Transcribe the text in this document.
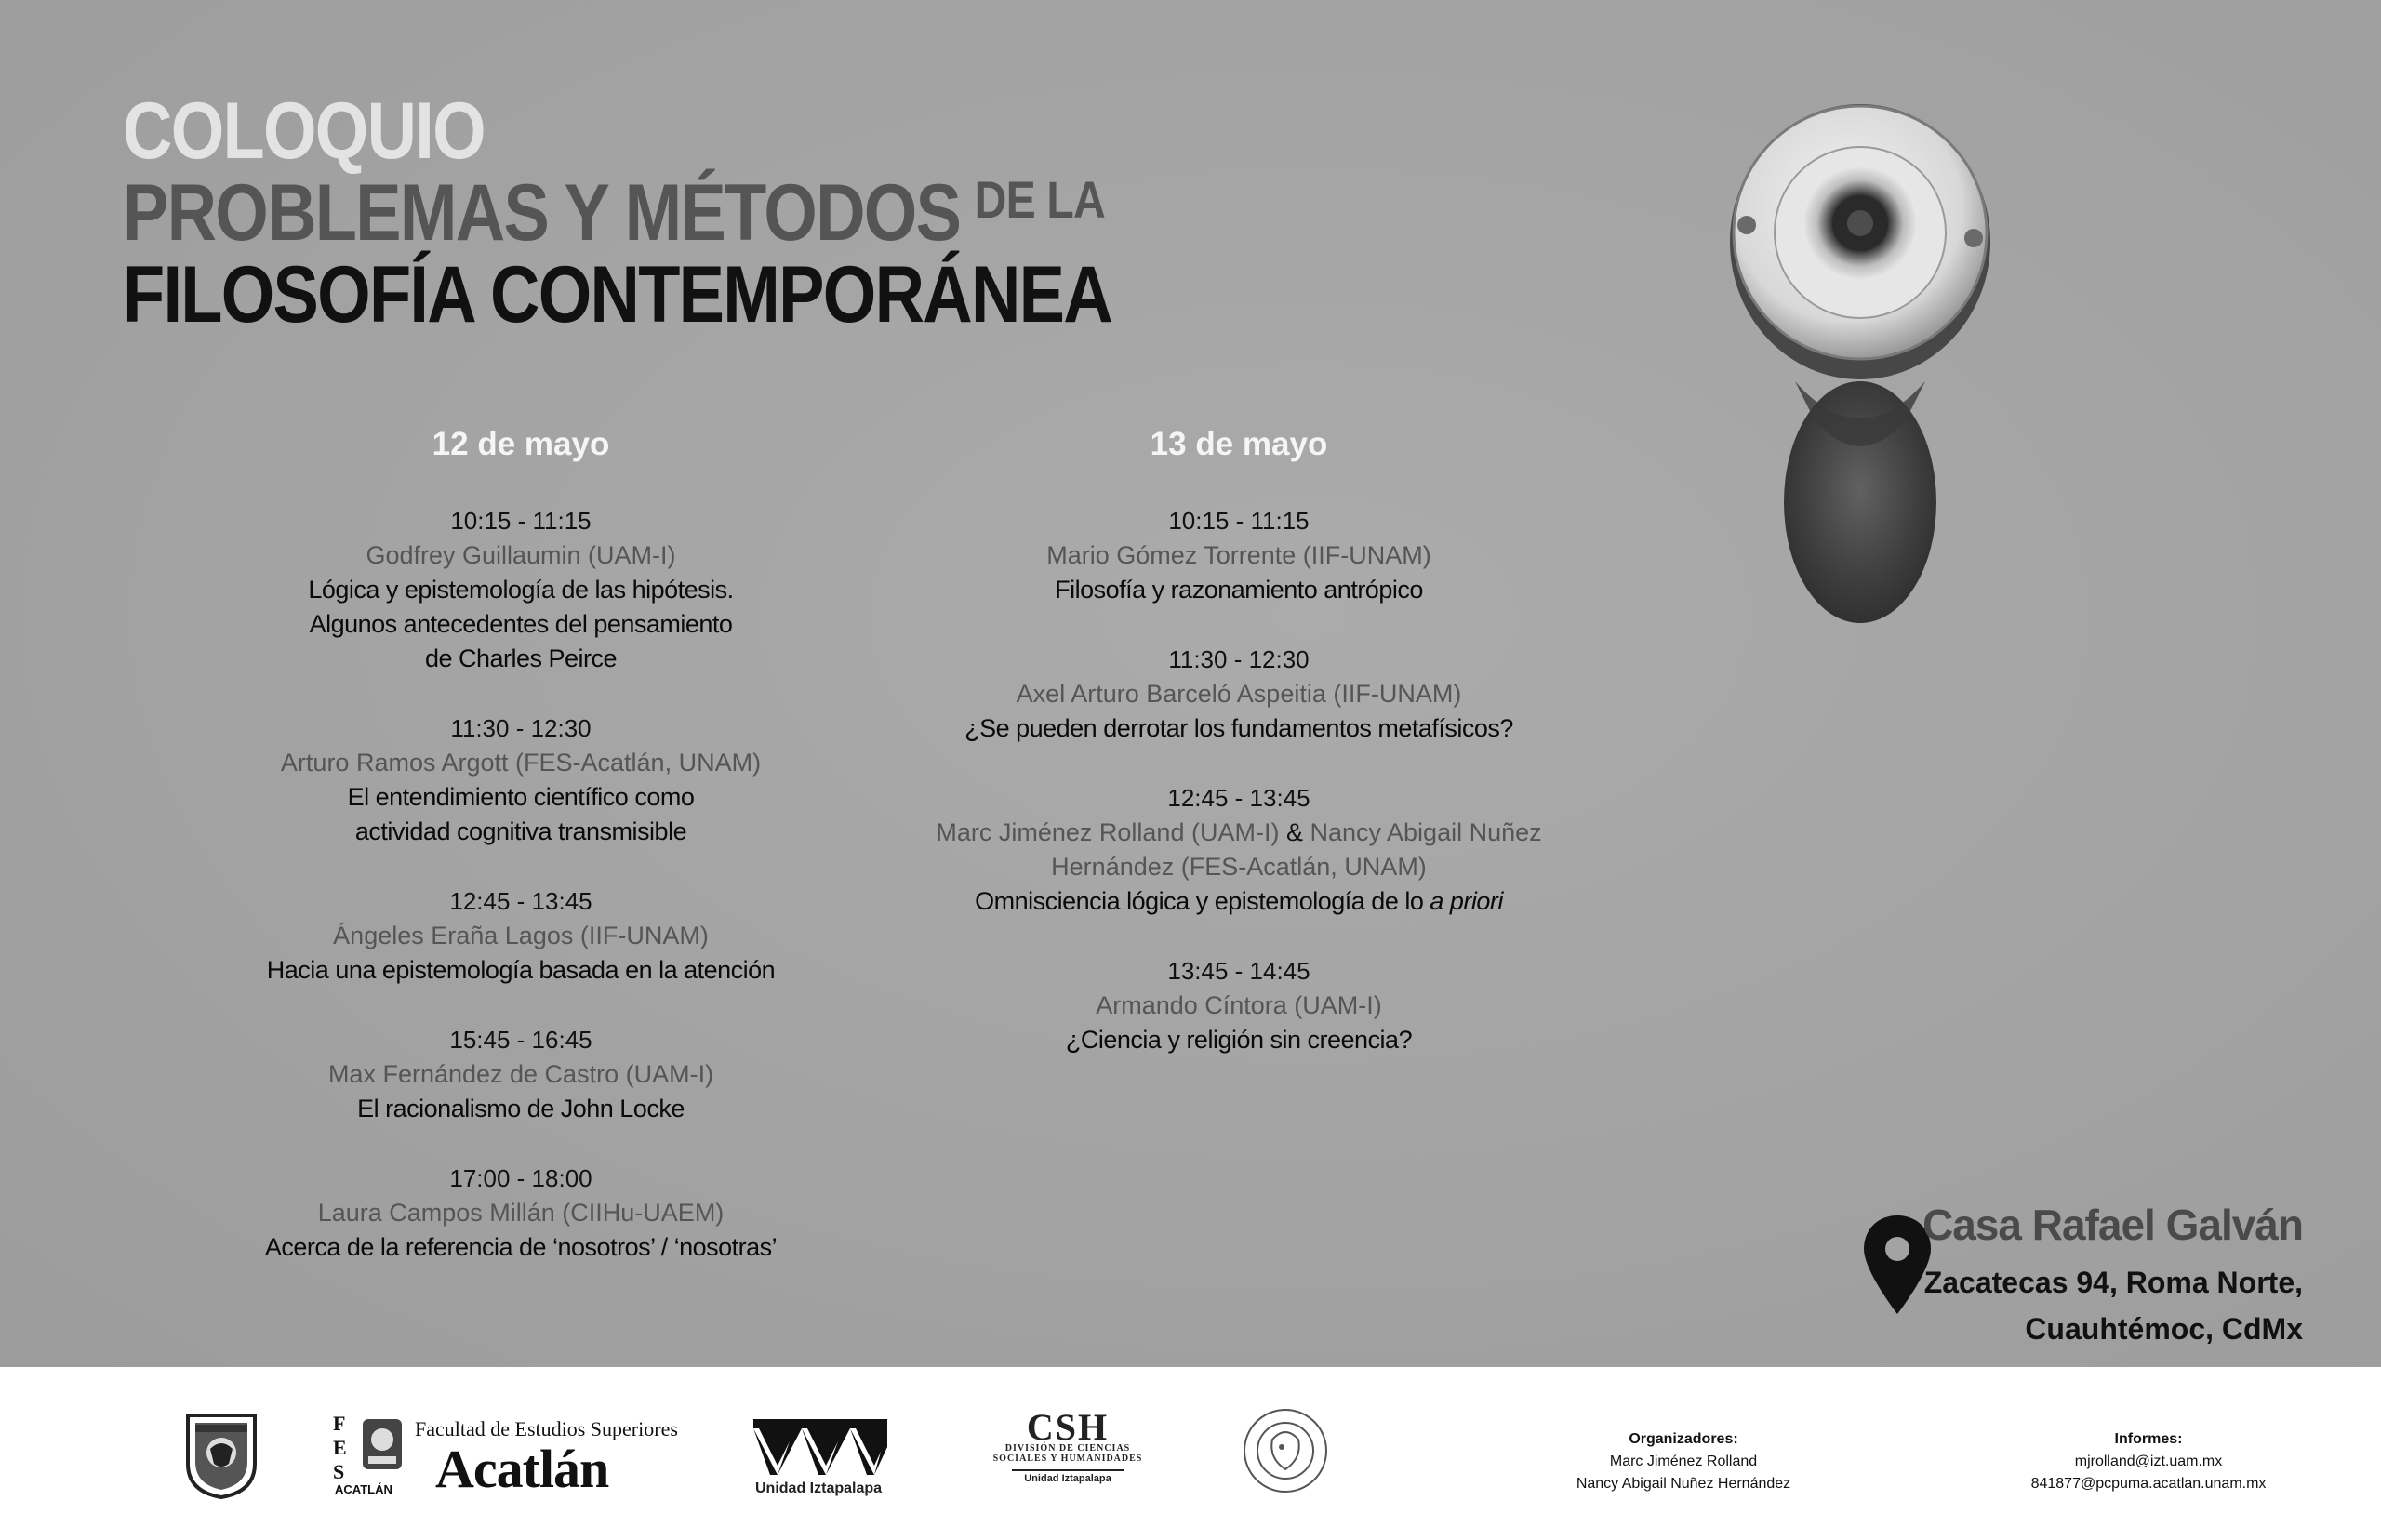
COLOQUIO
PROBLEMAS Y MÉTODOS $^{DE LA}$
FILOSOFÍA CONTEMPORÁNEA
12 de mayo
10:15 - 11:15
Godfrey Guillaumin (UAM-I)
Lógica y epistemología de las hipótesis.
Algunos antecedentes del pensamiento
de Charles Peirce
11:30 - 12:30
Arturo Ramos Argott (FES-Acatlán, UNAM)
El entendimiento científico como
actividad cognitiva transmisible
12:45 - 13:45
Ángeles Eraña Lagos (IIF-UNAM)
Hacia una epistemología basada en la atención
15:45 - 16:45
Max Fernández de Castro (UAM-I)
El racionalismo de John Locke
17:00 - 18:00
Laura Campos Millán (CIIHu-UAEM)
Acerca de la referencia de ‘nosotros’ / ‘nosotras’
13 de mayo
10:15 - 11:15
Mario Gómez Torrente (IIF-UNAM)
Filosofía y razonamiento antrópico
11:30 - 12:30
Axel Arturo Barceló Aspeitia (IIF-UNAM)
¿Se pueden derrotar los fundamentos metafísicos?
12:45 - 13:45
Marc Jiménez Rolland (UAM-I) & Nancy Abigail Nuñez
Hernández (FES-Acatlán, UNAM)
Omnisciencia lógica y epistemología de lo a priori
13:45 - 14:45
Armando Cíntora (UAM-I)
¿Ciencia y religión sin creencia?
Casa Rafael Galván
Zacatecas 94, Roma Norte,
Cuauhtémoc, CdMx
F
E
S
ACATLÁN
Facultad de Estudios Superiores
Acatlán	Unidad Iztapalapa
CSH
DIVISIÓN DE CIENCIAS
SOCIALES Y HUMANIDADES
Unidad Iztapalapa
Organizadores:
Marc Jiménez Rolland
Nancy Abigail Nuñez Hernández
Informes:
mjrolland@izt.uam.mx
841877@pcpuma.acatlan.unam.mx
